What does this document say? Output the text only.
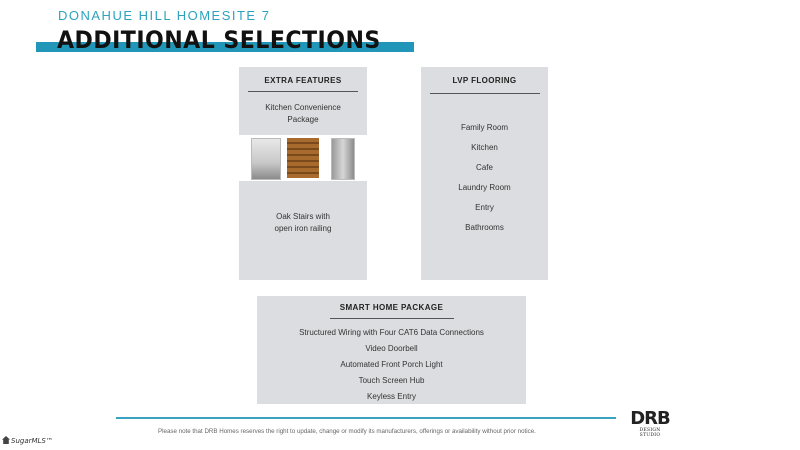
DONAHUE HILL HOMESITE 7
ADDITIONAL SELECTIONS
EXTRA FEATURES
Kitchen Convenience
Package
Oak Stairs with
open iron railing
LVP FLOORING
Family Room
Kitchen
Cafe
Laundry Room
Entry
Bathrooms
SMART HOME PACKAGE
Structured Wiring with Four CAT6 Data Connections
Video Doorbell
Automated Front Porch Light
Touch Screen Hub
Keyless Entry
Please note that DRB Homes reserves the right to update, change or modify its manufacturers, offerings or availability without prior notice.
DRB
DESIGN STUDIO
SugarMLS™
